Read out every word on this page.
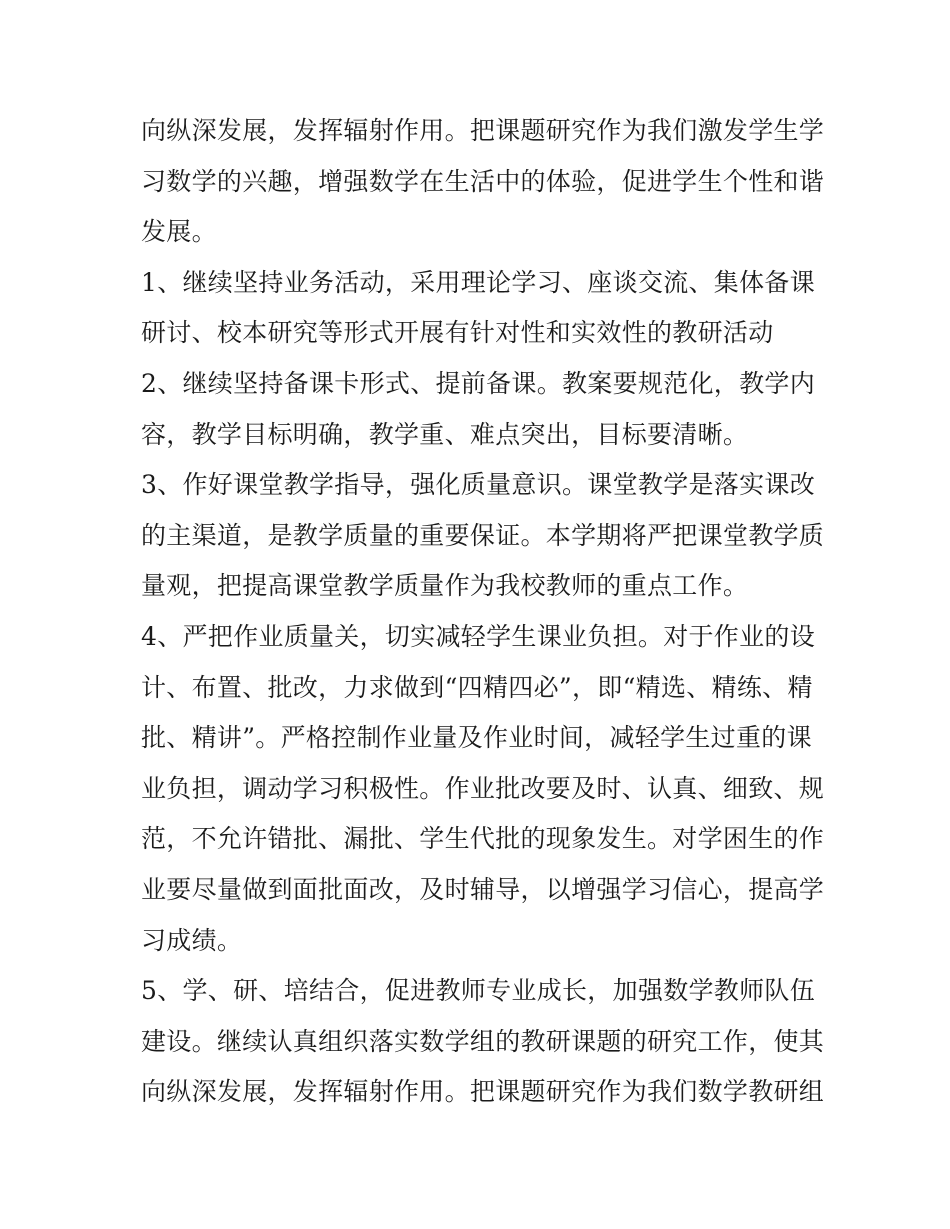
向纵深发展，发挥辐射作用。把课题研究作为我们激发学生学
习数学的兴趣，增强数学在生活中的体验，促进学生个性和谐
发展。
1、继续坚持业务活动，采用理论学习、座谈交流、集体备课
研讨、校本研究等形式开展有针对性和实效性的教研活动
2、继续坚持备课卡形式、提前备课。教案要规范化，教学内
容，教学目标明确，教学重、难点突出，目标要清晰。
3、作好课堂教学指导，强化质量意识。课堂教学是落实课改
的主渠道，是教学质量的重要保证。本学期将严把课堂教学质
量观，把提高课堂教学质量作为我校教师的重点工作。
4、严把作业质量关，切实减轻学生课业负担。对于作业的设
计、布置、批改，力求做到“四精四必”，即“精选、精练、精
批、精讲”。严格控制作业量及作业时间，减轻学生过重的课
业负担，调动学习积极性。作业批改要及时、认真、细致、规
范，不允许错批、漏批、学生代批的现象发生。对学困生的作
业要尽量做到面批面改，及时辅导，以增强学习信心，提高学
习成绩。
5、学、研、培结合，促进教师专业成长，加强数学教师队伍
建设。继续认真组织落实数学组的教研课题的研究工作，使其
向纵深发展，发挥辐射作用。把课题研究作为我们数学教研组
